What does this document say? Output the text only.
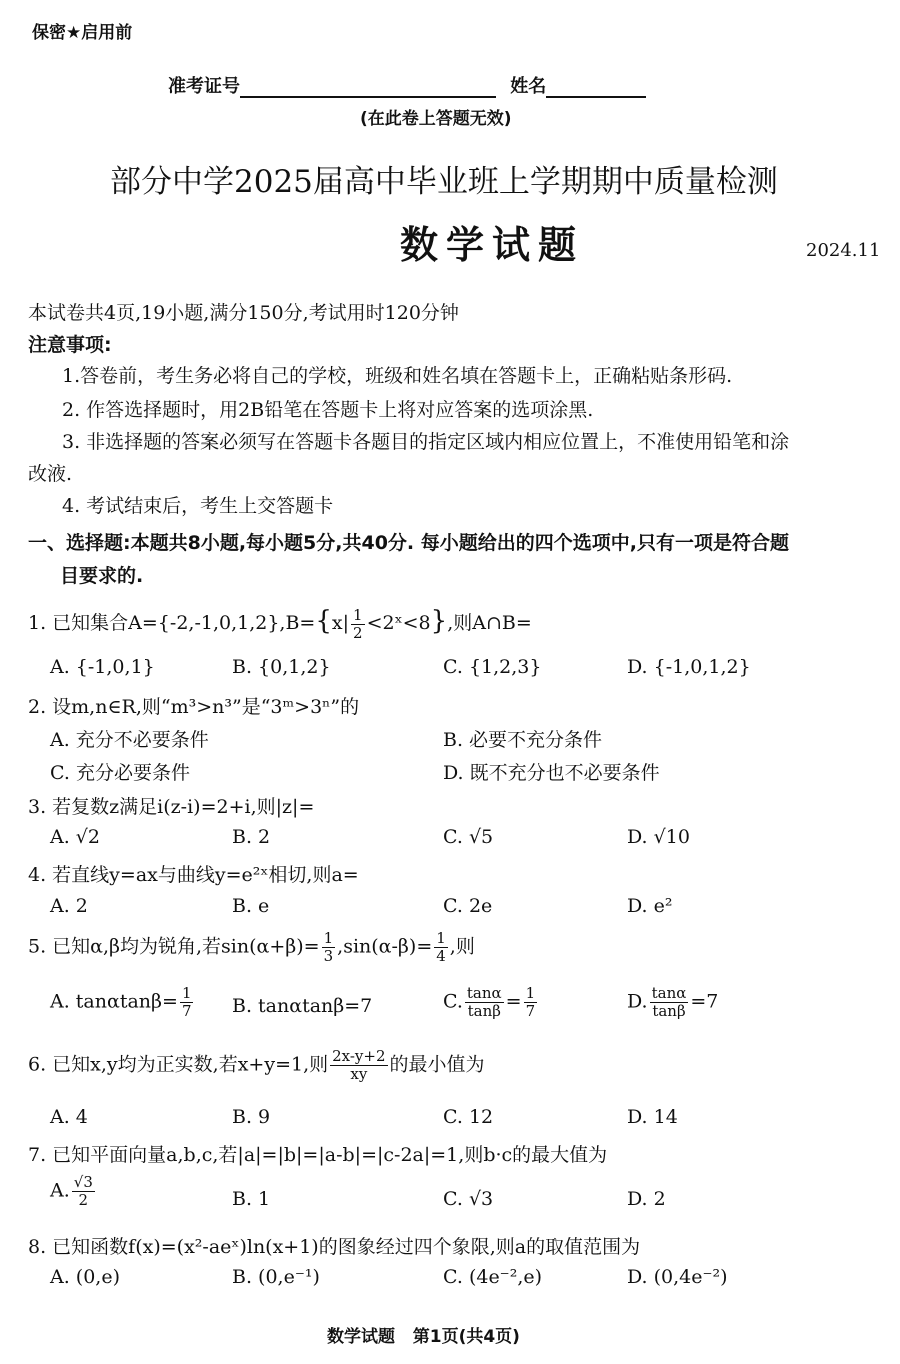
保密★启用前
准考证号	姓名
(在此卷上答题无效)
部分中学2025届高中毕业班上学期期中质量检测
数学试题	2024.11
本试卷共4页,19小题,满分150分,考试用时120分钟
注意事项:
1.答卷前，考生务必将自己的学校，班级和姓名填在答题卡上，正确粘贴条形码.
2. 作答选择题时，用2B铅笔在答题卡上将对应答案的选项涂黑.
3. 非选择题的答案必须写在答题卡各题目的指定区域内相应位置上，不准使用铅笔和涂
改液.
4. 考试结束后，考生上交答题卡
一、选择题:本题共8小题,每小题5分,共40分. 每小题给出的四个选项中,只有一项是符合题
目要求的.
1. 已知集合$A=\{-2,-1,0,1,2\},B=\{x| \frac{1}{2}$ <2ˣ<8},则A∩B=
A. {-1,0,1}	B. {0,1,2}	C. {1,2,3}	D. {-1,0,1,2}
2. 设m,n∈R,则“m³>n³”是“3ᵐ>3ⁿ”的
A. 充分不必要条件	B. 必要不充分条件
C. 充分必要条件	D. 既不充分也不必要条件
3. 若复数z满足i(z-i)=2+i,则|z|=
A. √2	B. 2	C. √5	D. √10
4. 若直线y=ax与曲线y=e²ˣ相切,则a=
A. 2	B. e	C. 2e	D. e²
5. 已知α,β均为锐角,若$\sin(\alpha+\beta)= \frac{1}{3} ,\sin(\alpha-\beta)= \frac{1}{4}$ ,则
A. $\tan\alpha\tan\beta= \frac{1}{7} B$. tanαtanβ=7	C. $\frac{\tan\alpha}{\tan\beta} = \frac{1}{7}$	D. $\frac{\tan\alpha}{\tan\beta} =7$
6. 已知x,y均为正实数,若x+y=1,则 $\frac{2x-y+2}{xy}$ 的最小值为
A. 4	B. 9	C. 12	D. 14
7. 已知平面向量a,b,c,若|a|=|b|=|a-b|=|c-2a|=1,则b·c的最大值为
A. $\frac{√3}{2}$	B. 1	C. √3	D. 2
8. 已知函数f(x)=(x²-aeˣ)ln(x+1)的图象经过四个象限,则a的取值范围为
A. (0,e)	B. (0,e⁻¹)	C. (4e⁻²,e)	D. (0,4e⁻²)
数学试题   第1页(共4页)
